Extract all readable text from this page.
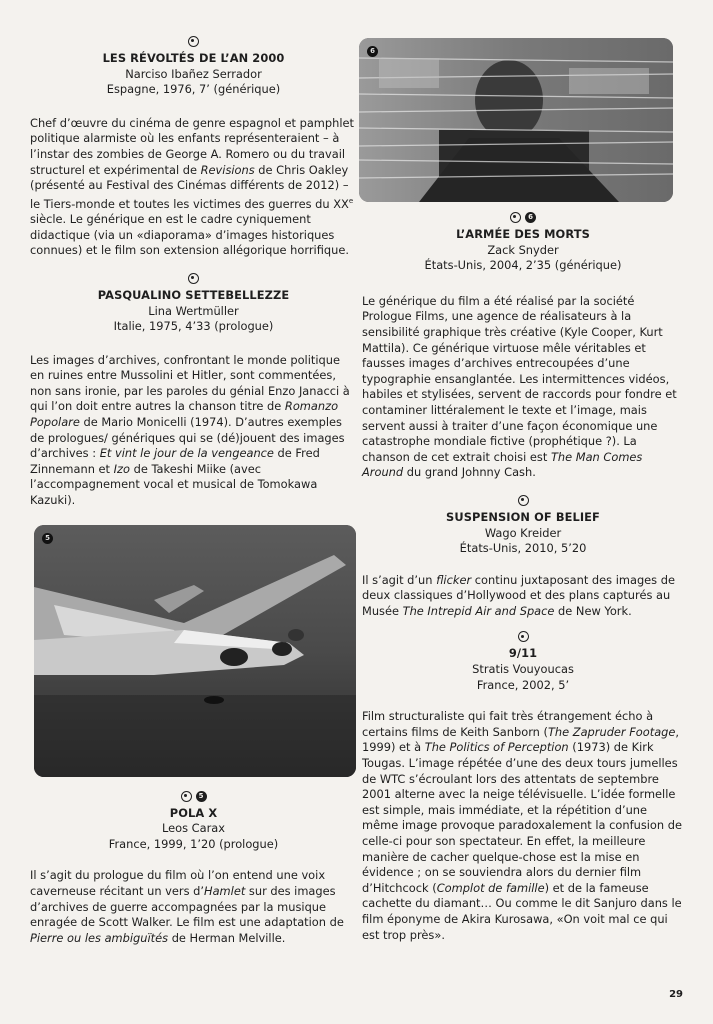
LES RÉVOLTÉS DE L’AN 2000
Narciso Ibañez Serrador
Espagne, 1976, 7’ (générique)
Chef d’œuvre du cinéma de genre espagnol et pamphlet politique alarmiste où les enfants représenteraient – à l’instar des zombies de George A. Romero ou du travail structurel et expérimental de Revisions de Chris Oakley (présenté au Festival des Cinémas différents de 2012) – le Tiers-monde et toutes les victimes des guerres du XXe siècle. Le générique en est le cadre cyniquement didactique (via un «diaporama» d’images historiques connues) et le film son extension allégorique horrifique.
PASQUALINO SETTEBELLEZZE
Lina Wertmüller
Italie, 1975, 4’33 (prologue)
Les images d’archives, confrontant le monde politique en ruines entre Mussolini et Hitler, sont commentées, non sans ironie, par les paroles du génial Enzo Janacci à qui l’on doit entre autres la chanson titre de Romanzo Popolare de Mario Monicelli (1974). D’autres exemples de prologues/ génériques qui se (dé)jouent des images d’archives : Et vint le jour de la vengeance de Fred Zinnemann et Izo de Takeshi Miike (avec l’accompagnement vocal et musical de Tomokawa Kazuki).
5
5
POLA X
Leos Carax
France, 1999, 1’20 (prologue)
Il s’agit du prologue du film où l’on entend une voix caverneuse récitant un vers d’Hamlet sur des images d’archives de guerre accompagnées par la musique enragée de Scott Walker. Le film est une adaptation de Pierre ou les ambiguïtés de Herman Melville.
6
6
L’ARMÉE DES MORTS
Zack Snyder
États-Unis, 2004, 2’35 (générique)
Le générique du film a été réalisé par la société Prologue Films, une agence de réalisateurs à la sensibilité graphique très créative (Kyle Cooper, Kurt Mattila). Ce générique virtuose mêle véritables et fausses images d’archives entrecoupées d’une typographie ensanglantée. Les intermittences vidéos, habiles et stylisées, servent de raccords pour fondre et contaminer littéralement le texte et l’image, mais servent aussi à traiter d’une façon économique une catastrophe mondiale fictive (prophétique ?). La chanson de cet extrait choisi est The Man Comes Around du grand Johnny Cash.
SUSPENSION OF BELIEF
Wago Kreider
États-Unis, 2010, 5’20
Il s’agit d’un flicker continu juxtaposant des images de deux classiques d’Hollywood et des plans capturés au Musée The Intrepid Air and Space de New York.
9/11
Stratis Vouyoucas
France, 2002, 5’
Film structuraliste qui fait très étrangement écho à certains films de Keith Sanborn (The Zapruder Footage, 1999) et à The Politics of Perception (1973) de Kirk Tougas. L’image répétée d’une des deux tours jumelles de WTC s’écroulant lors des attentats de septembre 2001 alterne avec la neige télévisuelle. L’idée formelle est simple, mais immédiate, et la répétition d’une même image provoque paradoxalement la confusion de celle-ci pour son spectateur. En effet, la meilleure manière de cacher quelque-chose est la mise en évidence ; on se souviendra alors du dernier film d’Hitchcock (Complot de famille) et de la fameuse cachette du diamant… Ou comme le dit Sanjuro dans le film éponyme de Akira Kurosawa, «On voit mal ce qui est trop près».
29
